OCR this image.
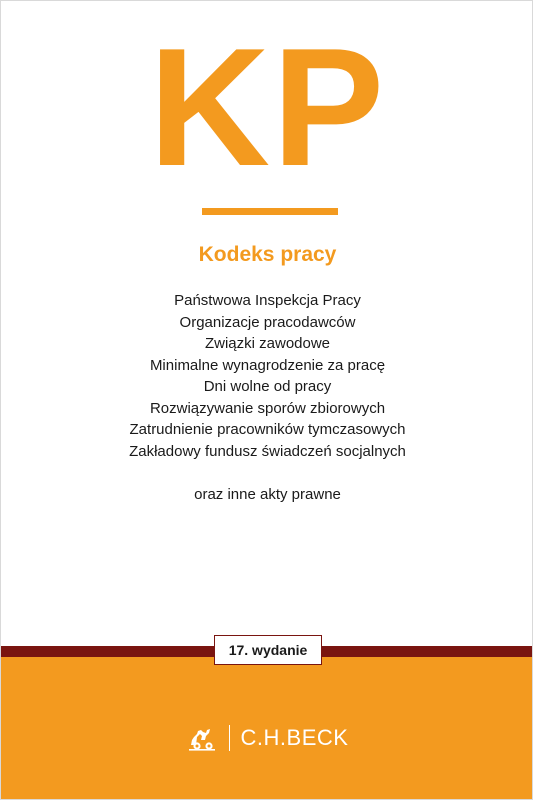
KP
Kodeks pracy
Państwowa Inspekcja Pracy
Organizacje pracodawców
Związki zawodowe
Minimalne wynagrodzenie za pracę
Dni wolne od pracy
Rozwiązywanie sporów zbiorowych
Zatrudnienie pracowników tymczasowych
Zakładowy fundusz świadczeń socjalnych
oraz inne akty prawne
17. wydanie
C.H.BECK
